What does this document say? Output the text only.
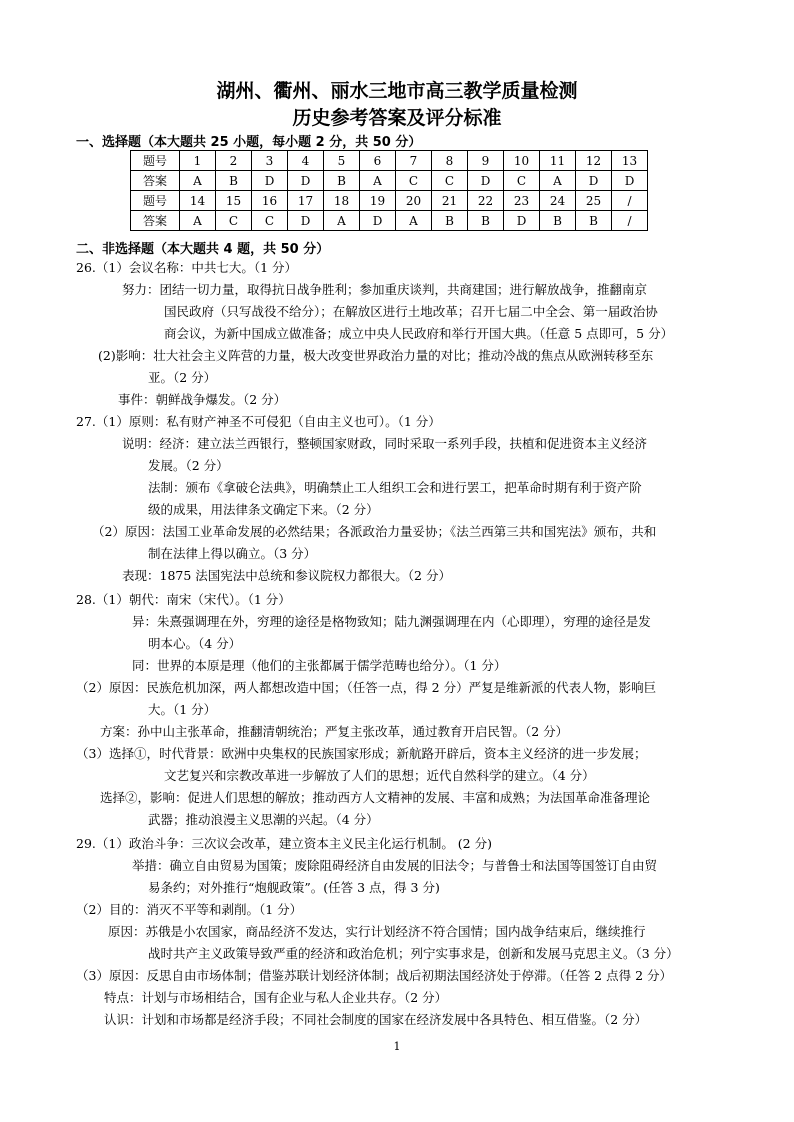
湖州、衢州、丽水三地市高三教学质量检测
历史参考答案及评分标准
一、选择题（本大题共 25 小题，每小题 2 分，共 50 分）
题号	1	2	3	4	5	6	7	8	9	10	11	12	13
答案	A	B	D	D	B	A	C	C	D	C	A	D	D
题号	14	15	16	17	18	19	20	21	22	23	24	25	/
答案	A	C	C	D	A	D	A	B	B	D	B	B	/
二、非选择题（本大题共 4 题，共 50 分）
26.（1）会议名称：中共七大。（1 分）
努力：团结一切力量，取得抗日战争胜利；参加重庆谈判，共商建国；进行解放战争，推翻南京
国民政府（只写战役不给分）；在解放区进行土地改革；召开七届二中全会、第一届政治协
商会议，为新中国成立做准备；成立中央人民政府和举行开国大典。（任意 5 点即可，5 分）
(2)影响：壮大社会主义阵营的力量，极大改变世界政治力量的对比；推动冷战的焦点从欧洲转移至东
亚。（2 分）
事件：朝鲜战争爆发。（2 分）
27.（1）原则：私有财产神圣不可侵犯（自由主义也可）。（1 分）
说明：经济：建立法兰西银行，整顿国家财政，同时采取一系列手段，扶植和促进资本主义经济
发展。（2 分）
法制：颁布《拿破仑法典》，明确禁止工人组织工会和进行罢工，把革命时期有利于资产阶
级的成果，用法律条文确定下来。（2 分）
（2）原因：法国工业革命发展的必然结果；各派政治力量妥协；《法兰西第三共和国宪法》颁布，共和
制在法律上得以确立。（3 分）
表现：1875 法国宪法中总统和参议院权力都很大。（2 分）
28.（1）朝代：南宋（宋代）。（1 分）
异：朱熹强调理在外，穷理的途径是格物致知；陆九渊强调理在内（心即理），穷理的途径是发
明本心。（4 分）
同：世界的本原是理（他们的主张都属于儒学范畴也给分）。（1 分）
（2）原因：民族危机加深，两人都想改造中国；（任答一点，得 2 分）严复是维新派的代表人物，影响巨
大。（1 分）
方案：孙中山主张革命，推翻清朝统治；严复主张改革，通过教育开启民智。（2 分）
（3）选择①，时代背景：欧洲中央集权的民族国家形成；新航路开辟后，资本主义经济的进一步发展；
文艺复兴和宗教改革进一步解放了人们的思想；近代自然科学的建立。（4 分）
选择②，影响：促进人们思想的解放；推动西方人文精神的发展、丰富和成熟；为法国革命准备理论
武器；推动浪漫主义思潮的兴起。（4 分）
29.（1）政治斗争：三次议会改革，建立资本主义民主化运行机制。 (2 分)
举措：确立自由贸易为国策；废除阻碍经济自由发展的旧法令；与普鲁士和法国等国签订自由贸
易条约；对外推行“炮舰政策”。(任答 3 点，得 3 分)
（2）目的：消灭不平等和剥削。（1 分）
原因：苏俄是小农国家，商品经济不发达，实行计划经济不符合国情；国内战争结束后，继续推行
战时共产主义政策导致严重的经济和政治危机；列宁实事求是，创新和发展马克思主义。（3 分）
（3）原因：反思自由市场体制；借鉴苏联计划经济体制；战后初期法国经济处于停滞。（任答 2 点得 2 分）
特点：计划与市场相结合，国有企业与私人企业共存。（2 分）
认识：计划和市场都是经济手段；不同社会制度的国家在经济发展中各具特色、相互借鉴。（2 分）
1
